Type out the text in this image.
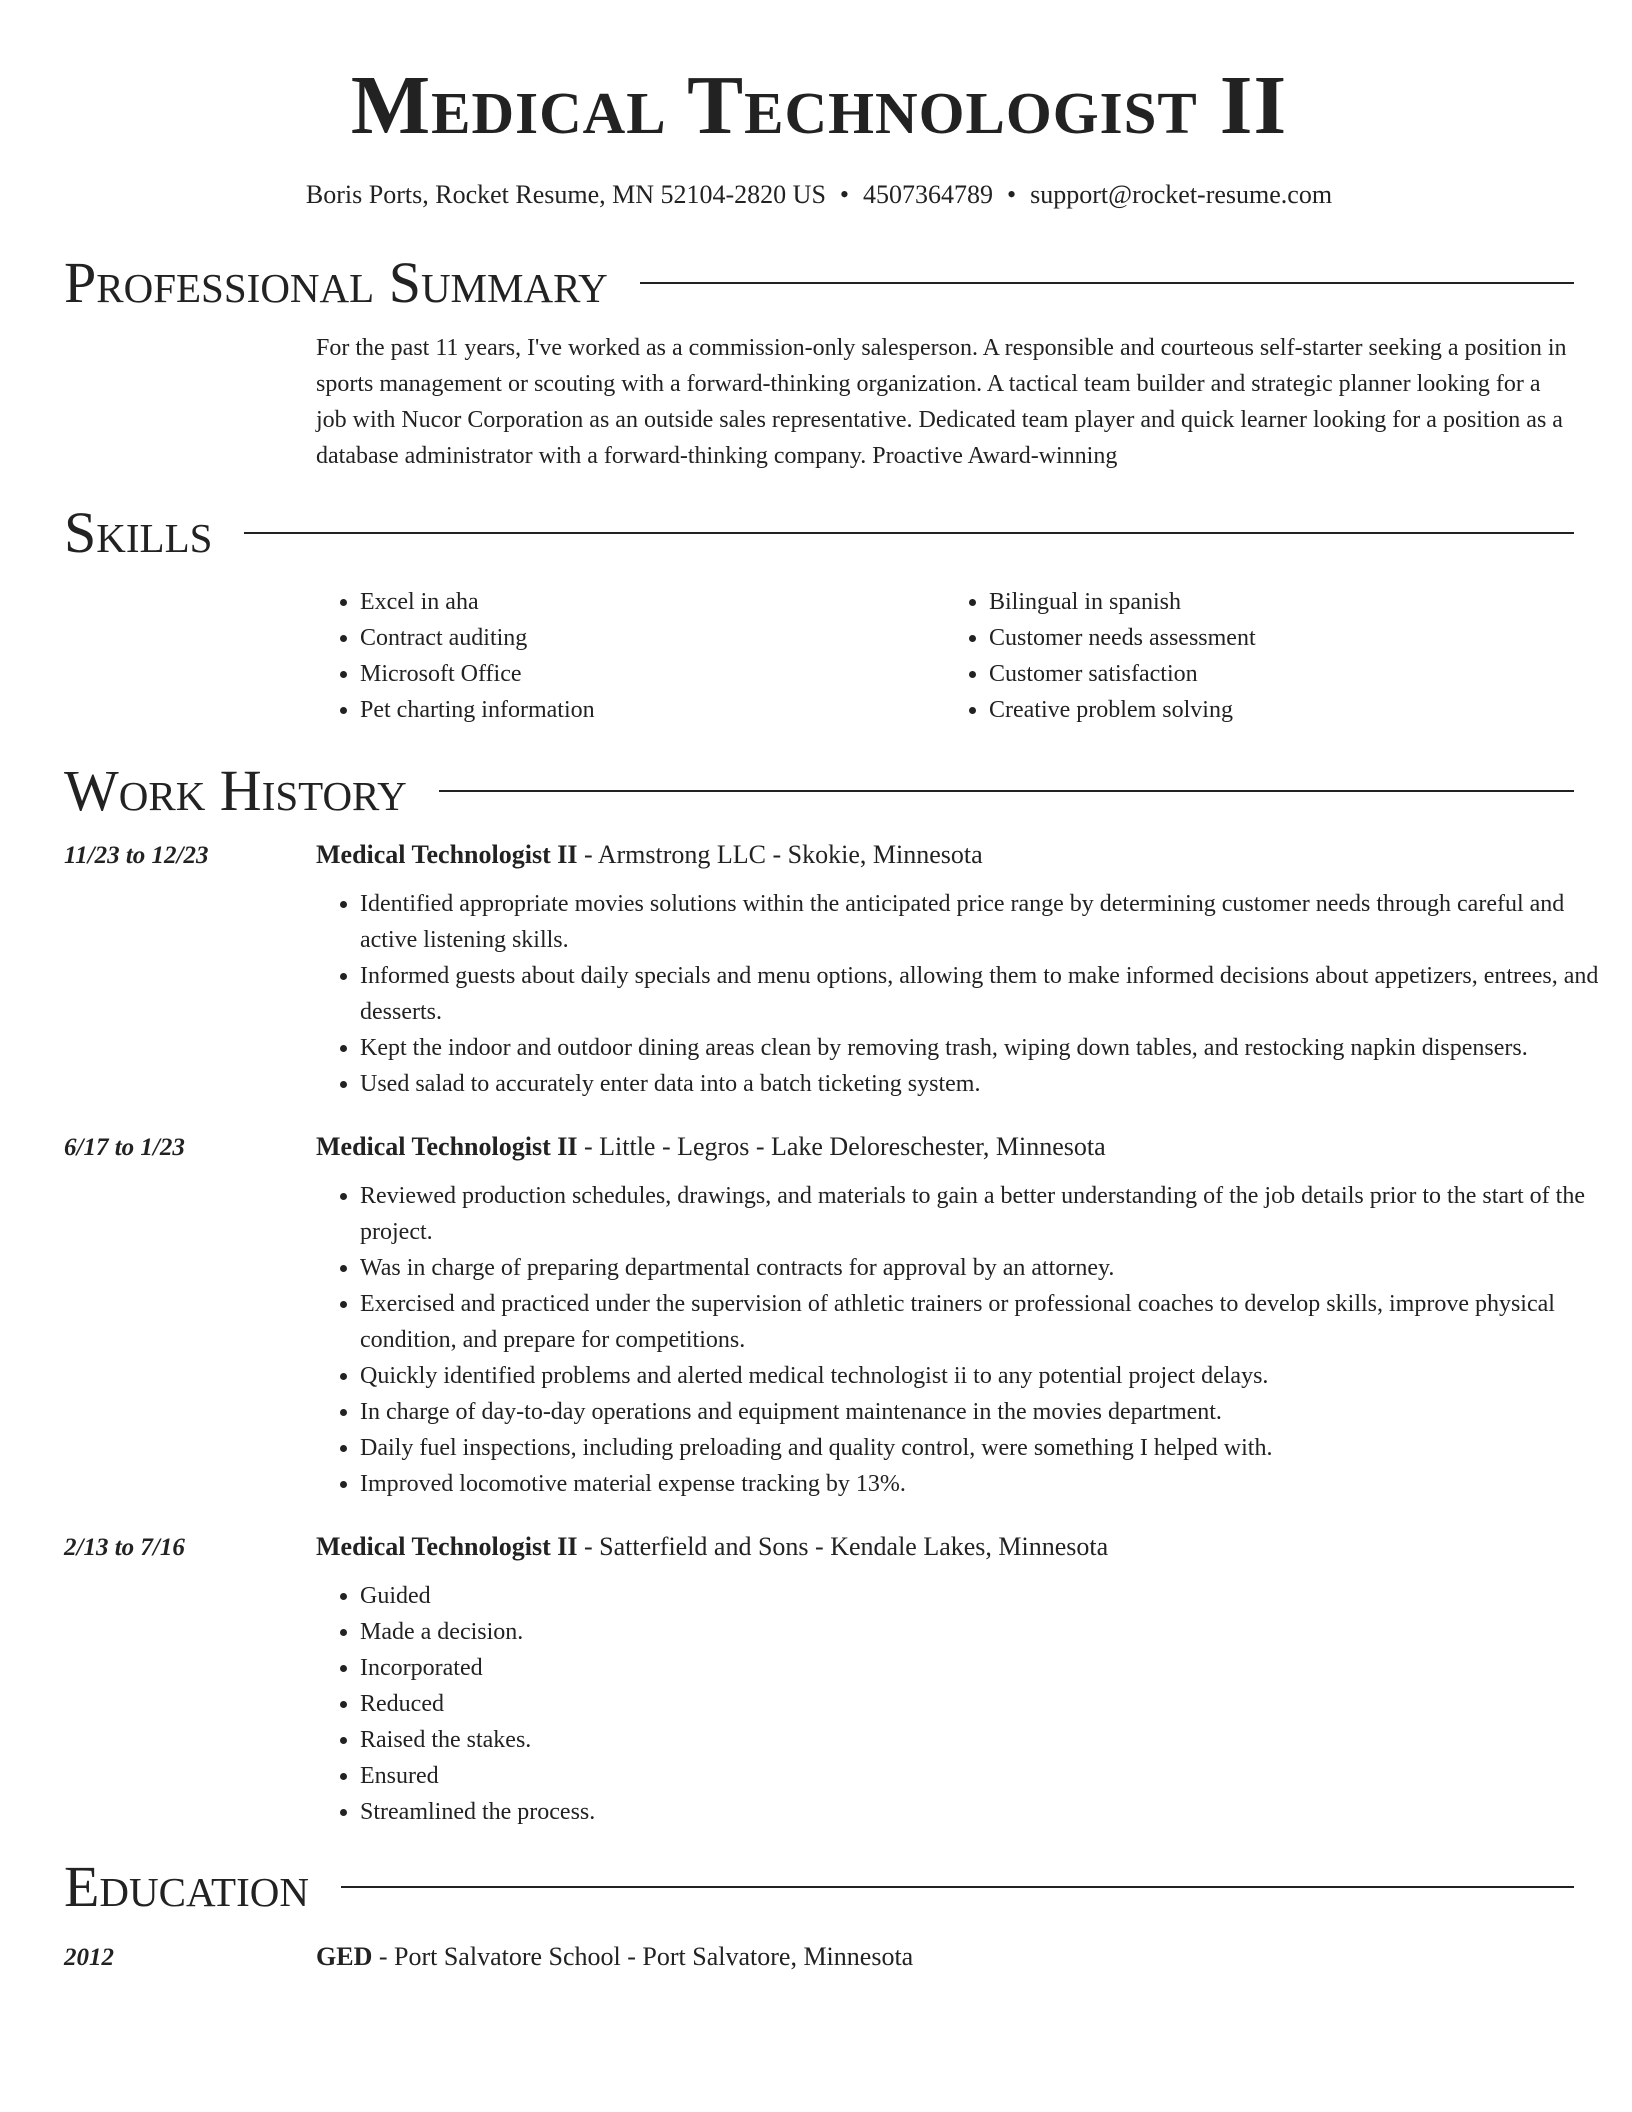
Medical Technologist II
Boris Ports, Rocket Resume, MN 52104-2820 US • 4507364789 • support@rocket-resume.com
Professional Summary
For the past 11 years, I've worked as a commission-only salesperson. A responsible and courteous self-starter seeking a position in sports management or scouting with a forward-thinking organization. A tactical team builder and strategic planner looking for a job with Nucor Corporation as an outside sales representative. Dedicated team player and quick learner looking for a position as a database administrator with a forward-thinking company. Proactive Award-winning
Skills
• Excel in aha
• Contract auditing
• Microsoft Office
• Pet charting information
• Bilingual in spanish
• Customer needs assessment
• Customer satisfaction
• Creative problem solving
Work History
11/23 to 12/23	Medical Technologist II - Armstrong LLC - Skokie, Minnesota
• Identified appropriate movies solutions within the anticipated price range by determining customer needs through careful and active listening skills.
• Informed guests about daily specials and menu options, allowing them to make informed decisions about appetizers, entrees, and desserts.
• Kept the indoor and outdoor dining areas clean by removing trash, wiping down tables, and restocking napkin dispensers.
• Used salad to accurately enter data into a batch ticketing system.
6/17 to 1/23	Medical Technologist II - Little - Legros - Lake Deloreschester, Minnesota
• Reviewed production schedules, drawings, and materials to gain a better understanding of the job details prior to the start of the project.
• Was in charge of preparing departmental contracts for approval by an attorney.
• Exercised and practiced under the supervision of athletic trainers or professional coaches to develop skills, improve physical condition, and prepare for competitions.
• Quickly identified problems and alerted medical technologist ii to any potential project delays.
• In charge of day-to-day operations and equipment maintenance in the movies department.
• Daily fuel inspections, including preloading and quality control, were something I helped with.
• Improved locomotive material expense tracking by 13%.
2/13 to 7/16	Medical Technologist II - Satterfield and Sons - Kendale Lakes, Minnesota
• Guided
• Made a decision.
• Incorporated
• Reduced
• Raised the stakes.
• Ensured
• Streamlined the process.
Education
2012	GED - Port Salvatore School - Port Salvatore, Minnesota
